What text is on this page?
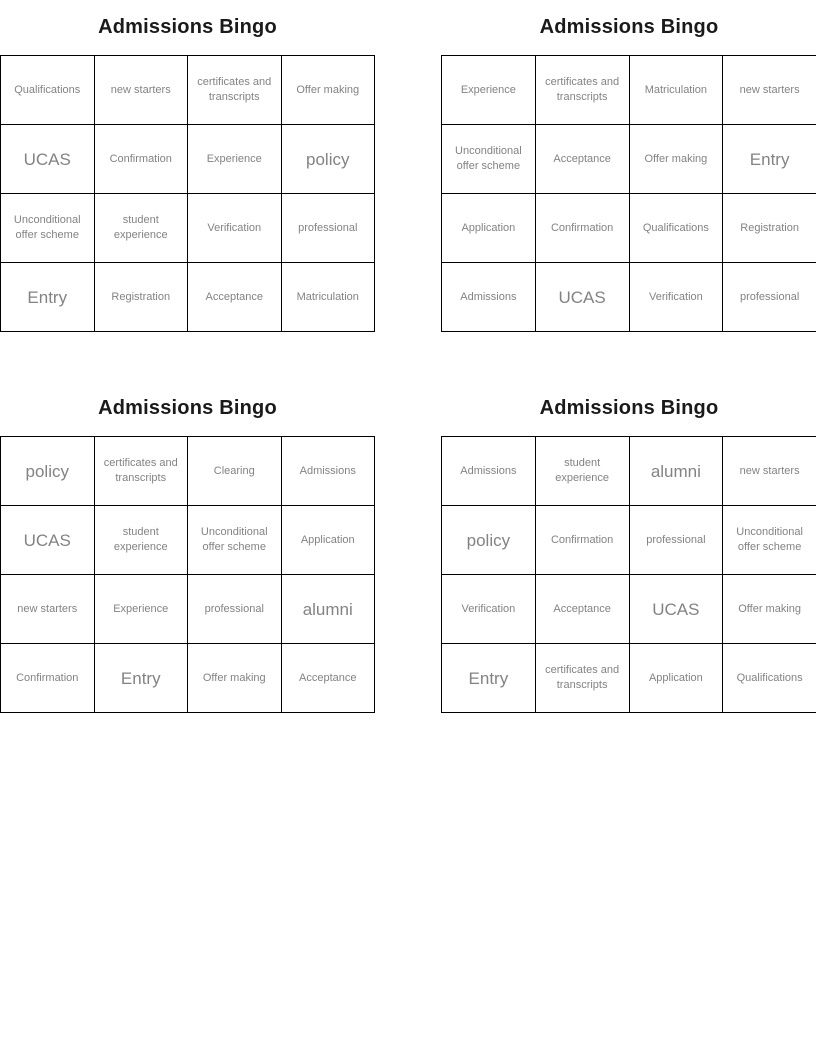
Admissions Bingo
Qualifications	new starters	certificates and transcripts	Offer making
UCAS	Confirmation	Experience	policy
Unconditional offer scheme	student experience	Verification	professional
Entry	Registration	Acceptance	Matriculation
Admissions Bingo
Experience	certificates and transcripts	Matriculation	new starters
Unconditional offer scheme	Acceptance	Offer making	Entry
Application	Confirmation	Qualifications	Registration
Admissions	UCAS	Verification	professional
Admissions Bingo
policy	certificates and transcripts	Clearing	Admissions
UCAS	student experience	Unconditional offer scheme	Application
new starters	Experience	professional	alumni
Confirmation	Entry	Offer making	Acceptance
Admissions Bingo
Admissions	student experience	alumni	new starters
policy	Confirmation	professional	Unconditional offer scheme
Verification	Acceptance	UCAS	Offer making
Entry	certificates and transcripts	Application	Qualifications
